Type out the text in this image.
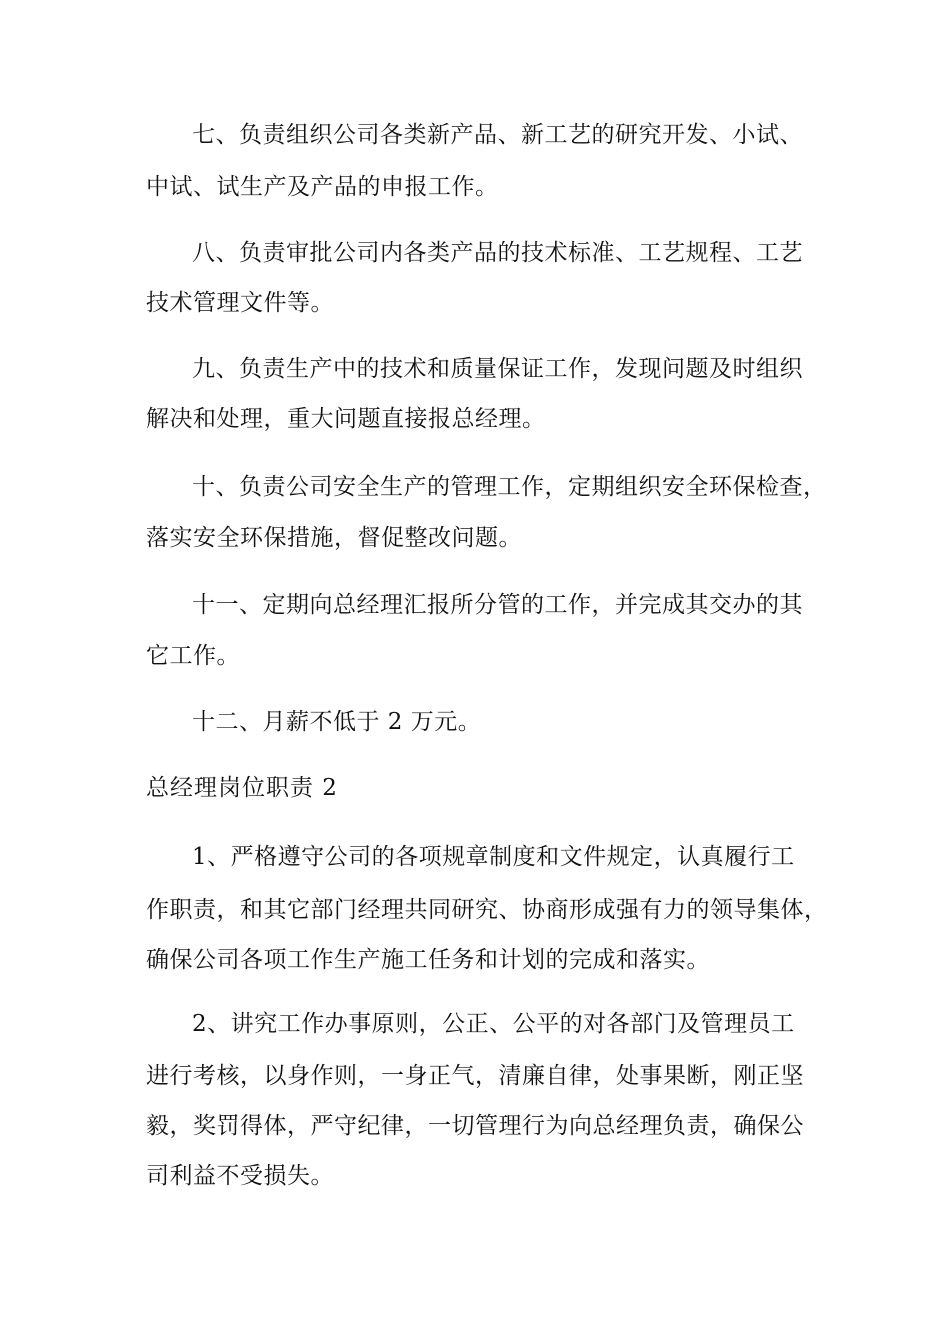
七、负责组织公司各类新产品、新工艺的研究开发、小试、
中试、试生产及产品的申报工作。
八、负责审批公司内各类产品的技术标准、工艺规程、工艺
技术管理文件等。
九、负责生产中的技术和质量保证工作，发现问题及时组织
解决和处理，重大问题直接报总经理。
十、负责公司安全生产的管理工作，定期组织安全环保检查，
落实安全环保措施，督促整改问题。
十一、定期向总经理汇报所分管的工作，并完成其交办的其
它工作。
十二、月薪不低于 2 万元。
总经理岗位职责 2
1、严格遵守公司的各项规章制度和文件规定，认真履行工
作职责，和其它部门经理共同研究、协商形成强有力的领导集体，
确保公司各项工作生产施工任务和计划的完成和落实。
2、讲究工作办事原则，公正、公平的对各部门及管理员工
进行考核，以身作则，一身正气，清廉自律，处事果断，刚正坚
毅，奖罚得体，严守纪律，一切管理行为向总经理负责，确保公
司利益不受损失。
